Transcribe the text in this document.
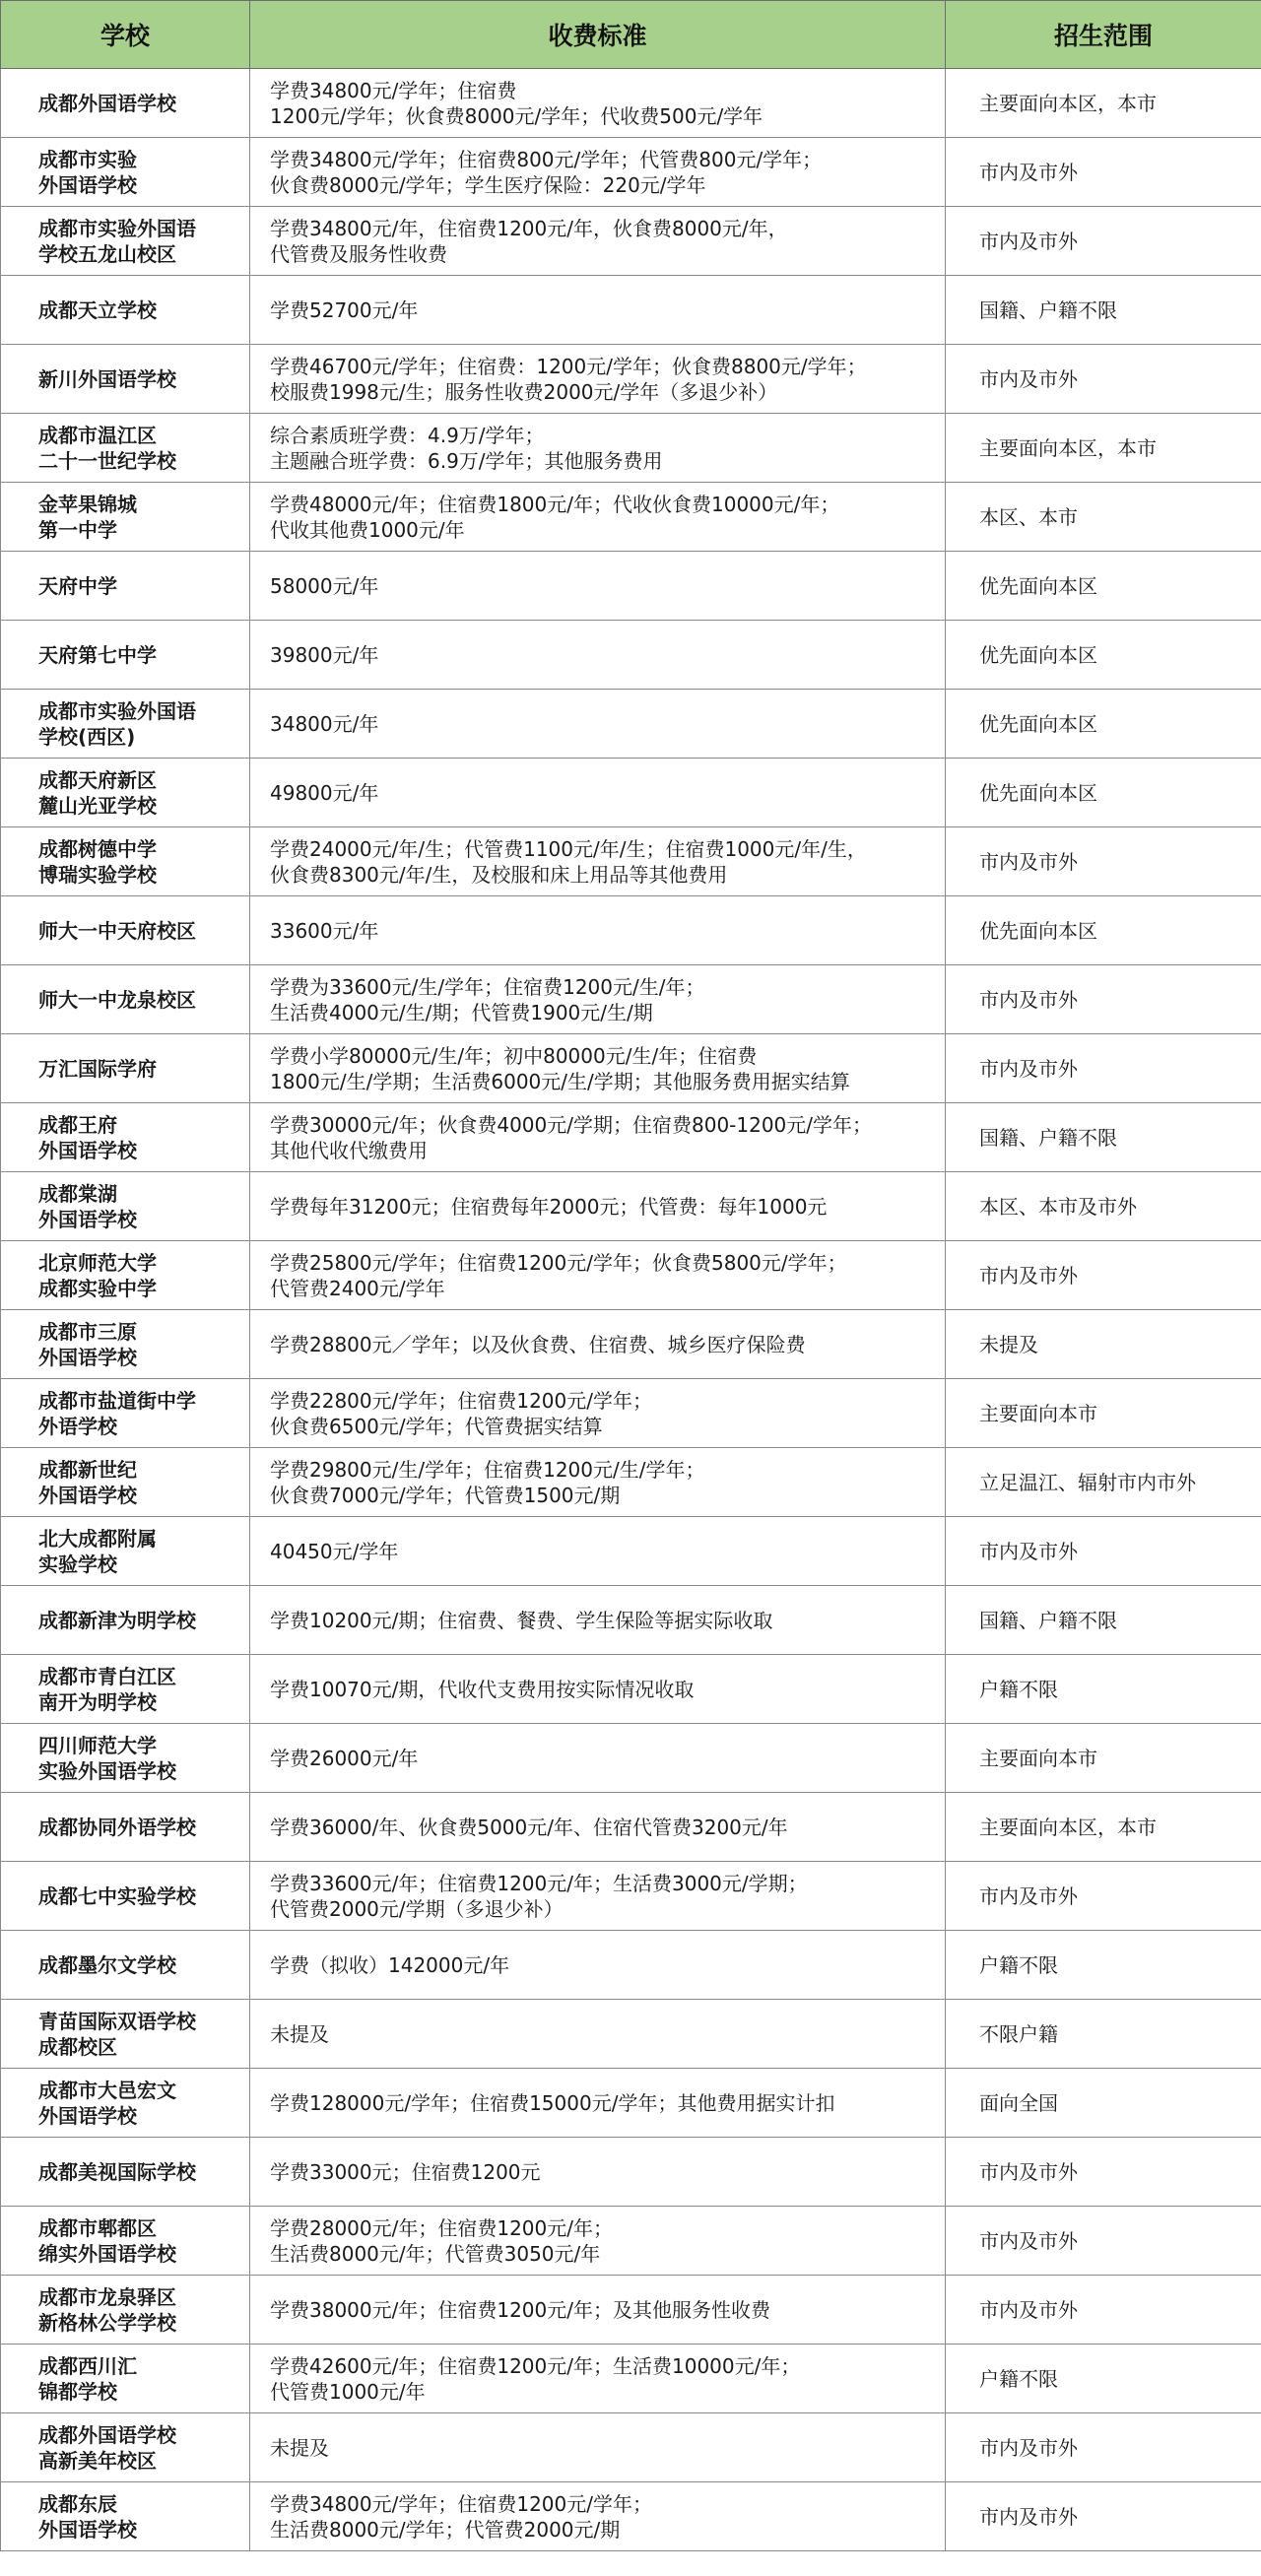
学校	收费标准	招生范围
成都外国语学校	学费34800元/学年；住宿费
1200元/学年；伙食费8000元/学年；代收费500元/学年	主要面向本区，本市
成都市实验
外国语学校	学费34800元/学年；住宿费800元/学年；代管费800元/学年；
伙食费8000元/学年；学生医疗保险：220元/学年	市内及市外
成都市实验外国语
学校五龙山校区	学费34800元/年，住宿费1200元/年，伙食费8000元/年，
代管费及服务性收费	市内及市外
成都天立学校	学费52700元/年	国籍、户籍不限
新川外国语学校	学费46700元/学年；住宿费：1200元/学年；伙食费8800元/学年；
校服费1998元/生；服务性收费2000元/学年（多退少补）	市内及市外
成都市温江区
二十一世纪学校	综合素质班学费：4.9万/学年；
主题融合班学费：6.9万/学年；其他服务费用	主要面向本区，本市
金苹果锦城
第一中学	学费48000元/年；住宿费1800元/年；代收伙食费10000元/年；
代收其他费1000元/年	本区、本市
天府中学	58000元/年	优先面向本区
天府第七中学	39800元/年	优先面向本区
成都市实验外国语
学校(西区)	34800元/年	优先面向本区
成都天府新区
麓山光亚学校	49800元/年	优先面向本区
成都树德中学
博瑞实验学校	学费24000元/年/生；代管费1100元/年/生；住宿费1000元/年/生，
伙食费8300元/年/生，及校服和床上用品等其他费用	市内及市外
师大一中天府校区	33600元/年	优先面向本区
师大一中龙泉校区	学费为33600元/生/学年；住宿费1200元/生/年；
生活费4000元/生/期；代管费1900元/生/期	市内及市外
万汇国际学府	学费小学80000元/生/年；初中80000元/生/年；住宿费
1800元/生/学期；生活费6000元/生/学期；其他服务费用据实结算	市内及市外
成都王府
外国语学校	学费30000元/年；伙食费4000元/学期；住宿费800-1200元/学年；
其他代收代缴费用	国籍、户籍不限
成都棠湖
外国语学校	学费每年31200元；住宿费每年2000元；代管费：每年1000元	本区、本市及市外
北京师范大学
成都实验中学	学费25800元/学年；住宿费1200元/学年；伙食费5800元/学年；
代管费2400元/学年	市内及市外
成都市三原
外国语学校	学费28800元／学年；以及伙食费、住宿费、城乡医疗保险费	未提及
成都市盐道街中学
外语学校	学费22800元/学年；住宿费1200元/学年；
伙食费6500元/学年；代管费据实结算	主要面向本市
成都新世纪
外国语学校	学费29800元/生/学年；住宿费1200元/生/学年；
伙食费7000元/学年；代管费1500元/期	立足温江、辐射市内市外
北大成都附属
实验学校	40450元/学年	市内及市外
成都新津为明学校	学费10200元/期；住宿费、餐费、学生保险等据实际收取	国籍、户籍不限
成都市青白江区
南开为明学校	学费10070元/期，代收代支费用按实际情况收取	户籍不限
四川师范大学
实验外国语学校	学费26000元/年	主要面向本市
成都协同外语学校	学费36000/年、伙食费5000元/年、住宿代管费3200元/年	主要面向本区，本市
成都七中实验学校	学费33600元/年；住宿费1200元/年；生活费3000元/学期；
代管费2000元/学期（多退少补）	市内及市外
成都墨尔文学校	学费（拟收）142000元/年	户籍不限
青苗国际双语学校
成都校区	未提及	不限户籍
成都市大邑宏文
外国语学校	学费128000元/学年；住宿费15000元/学年；其他费用据实计扣	面向全国
成都美视国际学校	学费33000元；住宿费1200元	市内及市外
成都市郫都区
绵实外国语学校	学费28000元/年；住宿费1200元/年；
生活费8000元/年；代管费3050元/年	市内及市外
成都市龙泉驿区
新格林公学学校	学费38000元/年；住宿费1200元/年；及其他服务性收费	市内及市外
成都西川汇
锦都学校	学费42600元/年；住宿费1200元/年；生活费10000元/年；
代管费1000元/年	户籍不限
成都外国语学校
高新美年校区	未提及	市内及市外
成都东辰
外国语学校	学费34800元/学年；住宿费1200元/学年；
生活费8000元/学年；代管费2000元/期	市内及市外
